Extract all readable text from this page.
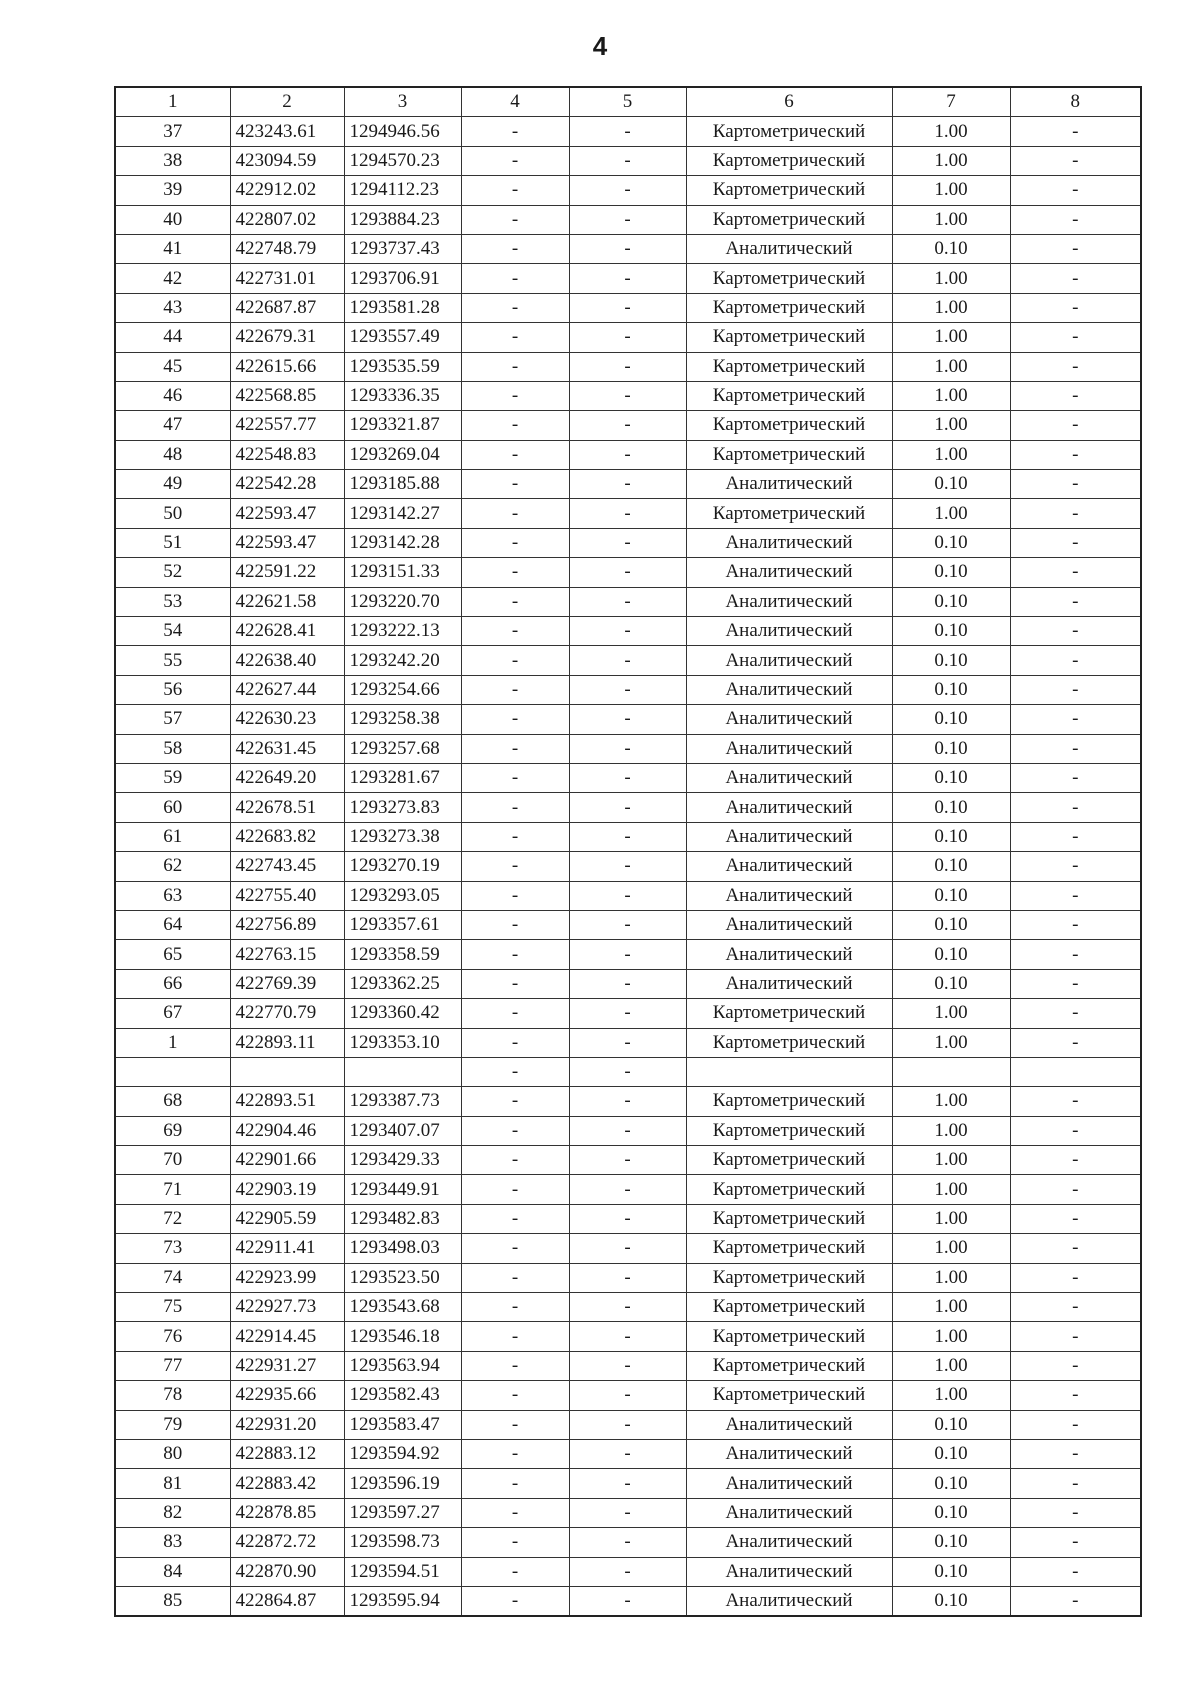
4
1	2	3	4	5	6	7	8
37	423243.61	1294946.56	-	-	Картометрический	1.00	-
38	423094.59	1294570.23	-	-	Картометрический	1.00	-
39	422912.02	1294112.23	-	-	Картометрический	1.00	-
40	422807.02	1293884.23	-	-	Картометрический	1.00	-
41	422748.79	1293737.43	-	-	Аналитический	0.10	-
42	422731.01	1293706.91	-	-	Картометрический	1.00	-
43	422687.87	1293581.28	-	-	Картометрический	1.00	-
44	422679.31	1293557.49	-	-	Картометрический	1.00	-
45	422615.66	1293535.59	-	-	Картометрический	1.00	-
46	422568.85	1293336.35	-	-	Картометрический	1.00	-
47	422557.77	1293321.87	-	-	Картометрический	1.00	-
48	422548.83	1293269.04	-	-	Картометрический	1.00	-
49	422542.28	1293185.88	-	-	Аналитический	0.10	-
50	422593.47	1293142.27	-	-	Картометрический	1.00	-
51	422593.47	1293142.28	-	-	Аналитический	0.10	-
52	422591.22	1293151.33	-	-	Аналитический	0.10	-
53	422621.58	1293220.70	-	-	Аналитический	0.10	-
54	422628.41	1293222.13	-	-	Аналитический	0.10	-
55	422638.40	1293242.20	-	-	Аналитический	0.10	-
56	422627.44	1293254.66	-	-	Аналитический	0.10	-
57	422630.23	1293258.38	-	-	Аналитический	0.10	-
58	422631.45	1293257.68	-	-	Аналитический	0.10	-
59	422649.20	1293281.67	-	-	Аналитический	0.10	-
60	422678.51	1293273.83	-	-	Аналитический	0.10	-
61	422683.82	1293273.38	-	-	Аналитический	0.10	-
62	422743.45	1293270.19	-	-	Аналитический	0.10	-
63	422755.40	1293293.05	-	-	Аналитический	0.10	-
64	422756.89	1293357.61	-	-	Аналитический	0.10	-
65	422763.15	1293358.59	-	-	Аналитический	0.10	-
66	422769.39	1293362.25	-	-	Аналитический	0.10	-
67	422770.79	1293360.42	-	-	Картометрический	1.00	-
1	422893.11	1293353.10	-	-	Картометрический	1.00	-
			-	-			
68	422893.51	1293387.73	-	-	Картометрический	1.00	-
69	422904.46	1293407.07	-	-	Картометрический	1.00	-
70	422901.66	1293429.33	-	-	Картометрический	1.00	-
71	422903.19	1293449.91	-	-	Картометрический	1.00	-
72	422905.59	1293482.83	-	-	Картометрический	1.00	-
73	422911.41	1293498.03	-	-	Картометрический	1.00	-
74	422923.99	1293523.50	-	-	Картометрический	1.00	-
75	422927.73	1293543.68	-	-	Картометрический	1.00	-
76	422914.45	1293546.18	-	-	Картометрический	1.00	-
77	422931.27	1293563.94	-	-	Картометрический	1.00	-
78	422935.66	1293582.43	-	-	Картометрический	1.00	-
79	422931.20	1293583.47	-	-	Аналитический	0.10	-
80	422883.12	1293594.92	-	-	Аналитический	0.10	-
81	422883.42	1293596.19	-	-	Аналитический	0.10	-
82	422878.85	1293597.27	-	-	Аналитический	0.10	-
83	422872.72	1293598.73	-	-	Аналитический	0.10	-
84	422870.90	1293594.51	-	-	Аналитический	0.10	-
85	422864.87	1293595.94	-	-	Аналитический	0.10	-
